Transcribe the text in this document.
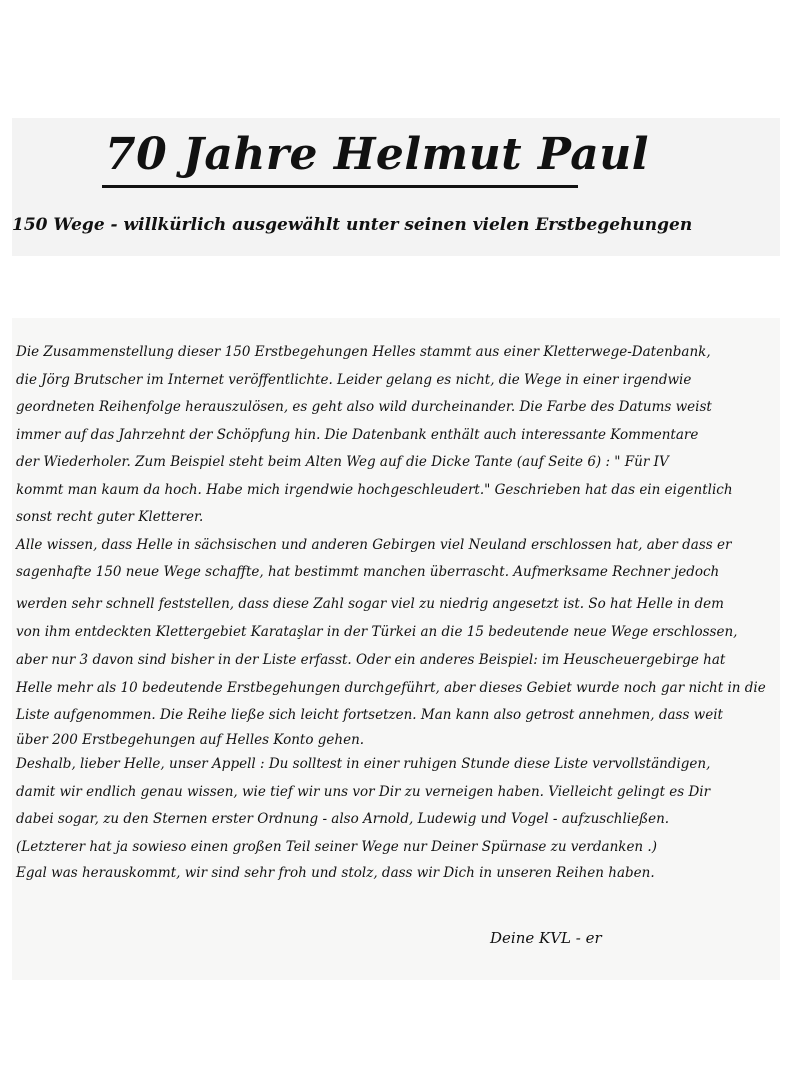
70 Jahre Helmut Paul
150 Wege - willkürlich ausgewählt unter seinen vielen Erstbegehungen

Die Zusammenstellung dieser 150 Erstbegehungen Helles stammt aus einer Kletterwege-Datenbank,

die Jörg Brutscher im Internet veröffentlichte. Leider gelang es nicht, die Wege in einer irgendwie

geordneten Reihenfolge herauszulösen, es geht also wild durcheinander. Die Farbe des Datums weist

immer auf das Jahrzehnt der Schöpfung hin. Die Datenbank enthält auch interessante Kommentare

der Wiederholer. Zum Beispiel steht beim Alten Weg auf die Dicke Tante (auf Seite 6) : " Für IV

kommt man kaum da hoch. Habe mich irgendwie hochgeschleudert." Geschrieben hat das ein eigentlich

sonst recht guter Kletterer.

Alle wissen, dass Helle in sächsischen und anderen Gebirgen viel Neuland erschlossen hat, aber dass er

sagenhafte 150 neue Wege schaffte, hat bestimmt manchen überrascht. Aufmerksame Rechner jedoch

werden sehr schnell feststellen, dass diese Zahl sogar viel zu niedrig angesetzt ist. So hat Helle in dem

von ihm entdeckten Klettergebiet Karataşlar in der Türkei an die 15 bedeutende neue Wege erschlossen,

aber nur 3 davon sind bisher in der Liste erfasst. Oder ein anderes Beispiel: im Heuscheuergebirge hat

Helle mehr als 10 bedeutende Erstbegehungen durchgeführt, aber dieses Gebiet wurde noch gar nicht in die

Liste aufgenommen. Die Reihe ließe sich leicht fortsetzen. Man kann also getrost annehmen, dass weit

über 200 Erstbegehungen auf Helles Konto gehen.

Deshalb, lieber Helle, unser Appell : Du solltest in einer ruhigen Stunde diese Liste vervollständigen,

damit wir endlich genau wissen, wie tief wir uns vor Dir zu verneigen haben. Vielleicht gelingt es Dir

dabei sogar, zu den Sternen erster Ordnung - also Arnold, Ludewig und Vogel - aufzuschließen.

(Letzterer hat ja sowieso einen großen Teil seiner Wege nur Deiner Spürnase zu verdanken .)

Egal was herauskommt, wir sind sehr froh und stolz, dass wir Dich in unseren Reihen haben.

Deine KVL - er
